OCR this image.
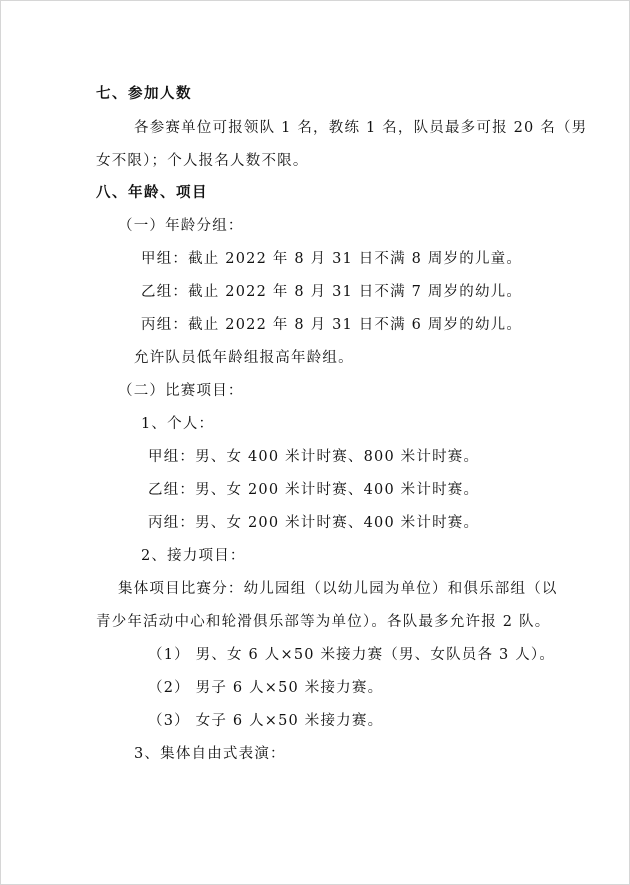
七、参加人数
各参赛单位可报领队 1 名，教练 1 名，队员最多可报 20 名（男
女不限）；个人报名人数不限。
八、年龄、项目
（一）年龄分组：
甲组：截止 2022 年 8 月 31 日不满 8 周岁的儿童。
乙组：截止 2022 年 8 月 31 日不满 7 周岁的幼儿。
丙组：截止 2022 年 8 月 31 日不满 6 周岁的幼儿。
允许队员低年龄组报高年龄组。
（二）比赛项目：
1、个人：
甲组：男、女 400 米计时赛、800 米计时赛。
乙组：男、女 200 米计时赛、400 米计时赛。
丙组：男、女 200 米计时赛、400 米计时赛。
2、接力项目：
集体项目比赛分：幼儿园组（以幼儿园为单位）和俱乐部组（以
青少年活动中心和轮滑俱乐部等为单位）。各队最多允许报 2 队。
（1） 男、女 6 人×50 米接力赛（男、女队员各 3 人）。
（2） 男子 6 人×50 米接力赛。
（3） 女子 6 人×50 米接力赛。
3、集体自由式表演：
